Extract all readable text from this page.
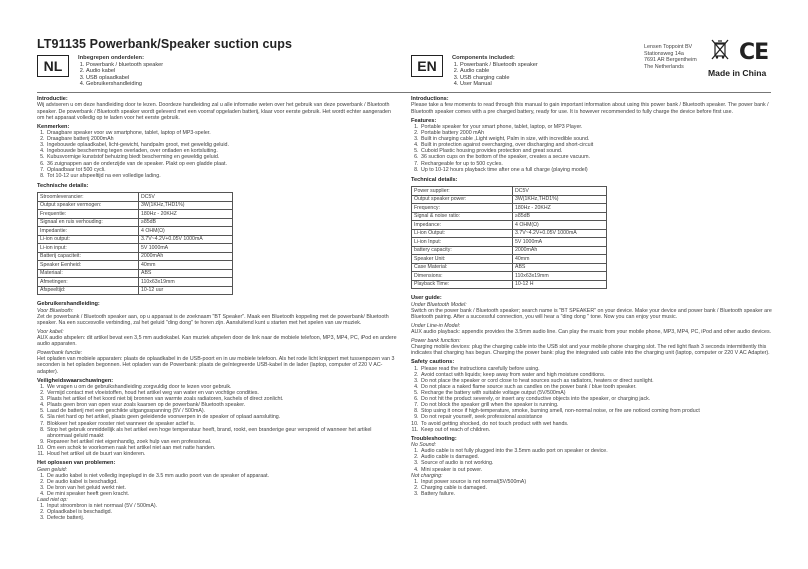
LT91135 Powerbank/Speaker suction cups	Lensen Toppoint BV
Stationsweg 14a
7691 AR Bergentheim
The Netherlands
CE
Made in China
NL	Inbegrepen onderdelen:
1. Powerbank / bluetooth speaker
2. Audio kabel
3. USB oplaadkabel
4. Gebruikershandleiding
EN	Components included:
1. Powerbank / Bluetooth speaker
2. Audio cable
3. USB charging cable
4. User Manual

Introductie:

Wij adviseren u om deze handleiding door te lezen. Doordeze handleiding zal u alle informatie weten over het gebruik van deze powerbank / Bluetooth speaker. De powerbank / Bluetooth speaker wordt geleverd met een voorraf opgeladen batterij, klaar voor eerste gebruik. Het wordt echter aangeraden om het apparaat volledig op te laden voor het eerste gebruik.

Kenmerken:

1. Draagbare speaker voor uw smartphone, tablet, laptop of MP3-speler.
2. Draagbare batterij 2000mAh
3. Ingebouwde oplaadkabel, licht-gewicht, handpalm groot, met geweldig geluid.
4. Ingebouwde bescherming tegen overladen, over ontladen en kortsluiting.
5. Kubusvormige kunststof behuizing biedt bescherming en geweldig geluid.
6. 36 zuignappen aan de onderzijde van de speaker. Plakt op een gladde plaat.
7. Oplaadbaar tot 500 cycli.
8. Tot 10-12 uur afspeeltijd na een volledige lading.

Technische details:

Stroomleverancier:	DC5V
Output speaker vermogen:	3W(1KHz,THD1%)
Frequentie:	180Hz - 20KHZ
Signaal en ruis verhouding:	≥85dB
Impedantie:	4 OHM(Ω)
Li-ion output:	3.7V~4.2V+0.05V 1000mA
Li-ion input:	5V 1000mA
Batterij capaciteit:	2000mAh
Speaker Eenheid:	40mm
Materiaal:	ABS
Afmetingen:	110x63x19mm
Afspeeltijd:	10-12 uur

Gebruikershandleiding:

Voor Bluetooth:

Zet de powerbank / Bluetooth speaker aan, op u apparaat is de zoeknaam "BT Speaker". Maak een Bluetooth koppeling met de powerbank/ Bluetooth speaker. Na een succesvolle verbinding, zal het geluid "ding dong" te horen zijn. Aansluitend kunt u starten met het spelen van uw muziek.

Voor kabel:

AUX audio afspelen: dit artikel bevat een 3,5 mm audiokabel. Kan muziek afspelen door de link naar de mobiele telefoon, MP3, MP4, PC, iPod en andere audio apparaten.

Powerbank functie:

Het opladen van mobiele apparaten: plaats de oplaadkabel in de USB-poort en in uw mobiele telefoon. Als het rode licht knippert met tussenpozen van 3 seconden is het opladen begonnen. Het opladen van de Powerbank: plaats de geïntegreerde USB-kabel in de lader (laptop, computer of 220 V AC-adapter).

Veiligheidswaarschuwingen:

1. We vragen u om de gebruikshandleiding zorgvuldig door te lezen voor gebruik.
2. Vermijd contact met vloeistoffen, houd het artikel weg van water en van vochtige condities.
3. Plaats het artikel of het koord niet bij bronnen van warmte zoals radiatoren, kachels of direct zonlicht.
4. Plaats geen bron van open vuur zoals kaarsen op de powerbank/ Bluetooth speaker.
5. Laad de batterij met een geschikte uitgangsspanning (5V / 500mA).
6. Sla niet hard op het artikel, plaats geen geleidende voorwerpen in de speaker of oplaad aansluiting.
7. Blokkeer het speaker rooster niet wanneer de speaker actief is.
8. Stop het gebruik onmiddellijk als het artikel een hoge temperatuur heeft, brand, rookt, een branderige geur verspreid of wanneer het artikel abnormaal geluid maakt
9. Repareer het artikel niet eigenhandig, zoek hulp van een professional.
10. Om een schok te voorkomen raak het artikel niet aan met natte handen.
11. Houd het artikel uit de buurt van kinderen.

Het oplossen van problemen:

Geen geluid:

1. De audio kabel is niet volledig ingeplugd in de 3.5 mm audio poort van de speaker of apparaat.
2. De audio kabel is beschadigd.
3. De bron van het geluid werkt niet.
4. De mini speaker heeft geen kracht.

Laad niet op:

1. Input stroombron is niet normaal (5V / 500mA).
2. Oplaadkabel is beschadigd.
3. Defecte batterij.

Introductions:

Please take a few moments to read through this manual to gain important information about using this power bank / Bluetooth speaker. The power bank / Bluetooth speaker comes with a pre charged battery, ready for use. It is however recommended to fully charge the device before first use.

Features:

1. Portable speaker for your smart phone, tablet, laptop, or MP3 Player.
2. Portable battery 2000 mAh
3. Built in charging cable ,Light weight, Palm in size, with incredible sound.
4. Built in protection against overcharging, over discharging and short-circuit
5. Cuboid Plastic housing provides protection and great sound.
6. 36 suction cups on the bottom of the speaker, creates a secure vacuum.
7. Rechargeable for up to 500 cycles.
8. Up to 10-12 hours playback time after one a full charge (playing model)

Technical details:

Power supplier:	DC5V
Output speaker power:	3W(1KHz,THD1%)
Frequency:	180Hz - 20KHZ
Signal & noise ratio:	≥85dB
Impedance:	4 OHM(Ω)
Li-ion Output:	3.7V~4.2V+0.05V 1000mA
Li-ion Input:	5V 1000mA
battery capacity:	2000mAh
Speaker Unit:	40mm
Case Material:	ABS
Dimensions:	110x63x19mm
Playback Time:	10-12 H

User guide:

Under Bluetooth Model:

Switch on the power bank / Bluetooth speaker; search name is "BT SPEAKER" on your device. Make your device and power bank / Bluetooth speaker are Bluetooth pairing. After a successful connection, you will hear a "ding dong " tone. Now you can enjoy your music.

Under Line-in Model:

AUX audio playback: appendix provides the 3.5mm audio line. Can play the music from your mobile phone, MP3, MP4, PC, iPod and other audio devices.

Power bank function:

Charging mobile devices: plug the charging cable into the USB slot and your mobile phone charging slot. The red light flash 3 seconds intermittently this indicates that charging has begun. Charging the power bank: plug the integrated usb cable into the charging unit (laptop, computer or 220 V AC Adapter).

Safety cautions:

1. Please read the instructions carefully before using.
2. Avoid contact with liquids; keep away from water and high moisture conditions.
3. Do not place the speaker or cord close to heat sources such as radiators, heaters or direct sunlight.
4. Do not place a naked flame source such as candles on the power bank / blue tooth speaker.
5. Recharge the battery with suitable voltage output (5V/500mA)
6. Do not hit the product severely, or insert any conductive objects into the speaker, or charging jack.
7. Do not block the speaker grill when the speaker is running.
8. Stop using it once if high-temperature, smoke, burning smell, non-normal noise, or fire are noticed coming from product
9. Do not repair yourself, seek professional assistance
10. To avoid getting shocked, do not touch product with wet hands.
11. Keep out of reach of children.

Troubleshooting:

No Sound:

1. Audio cable is not fully plugged into the 3.5mm audio port on speaker or device.
2. Audio cable is damaged.
3. Source of audio is not working.
4. Mini speaker is out power.

Not charging:

1. Input power source is not normal(5V/500mA)
2. Charging cable is damaged.
3. Battery failure.
